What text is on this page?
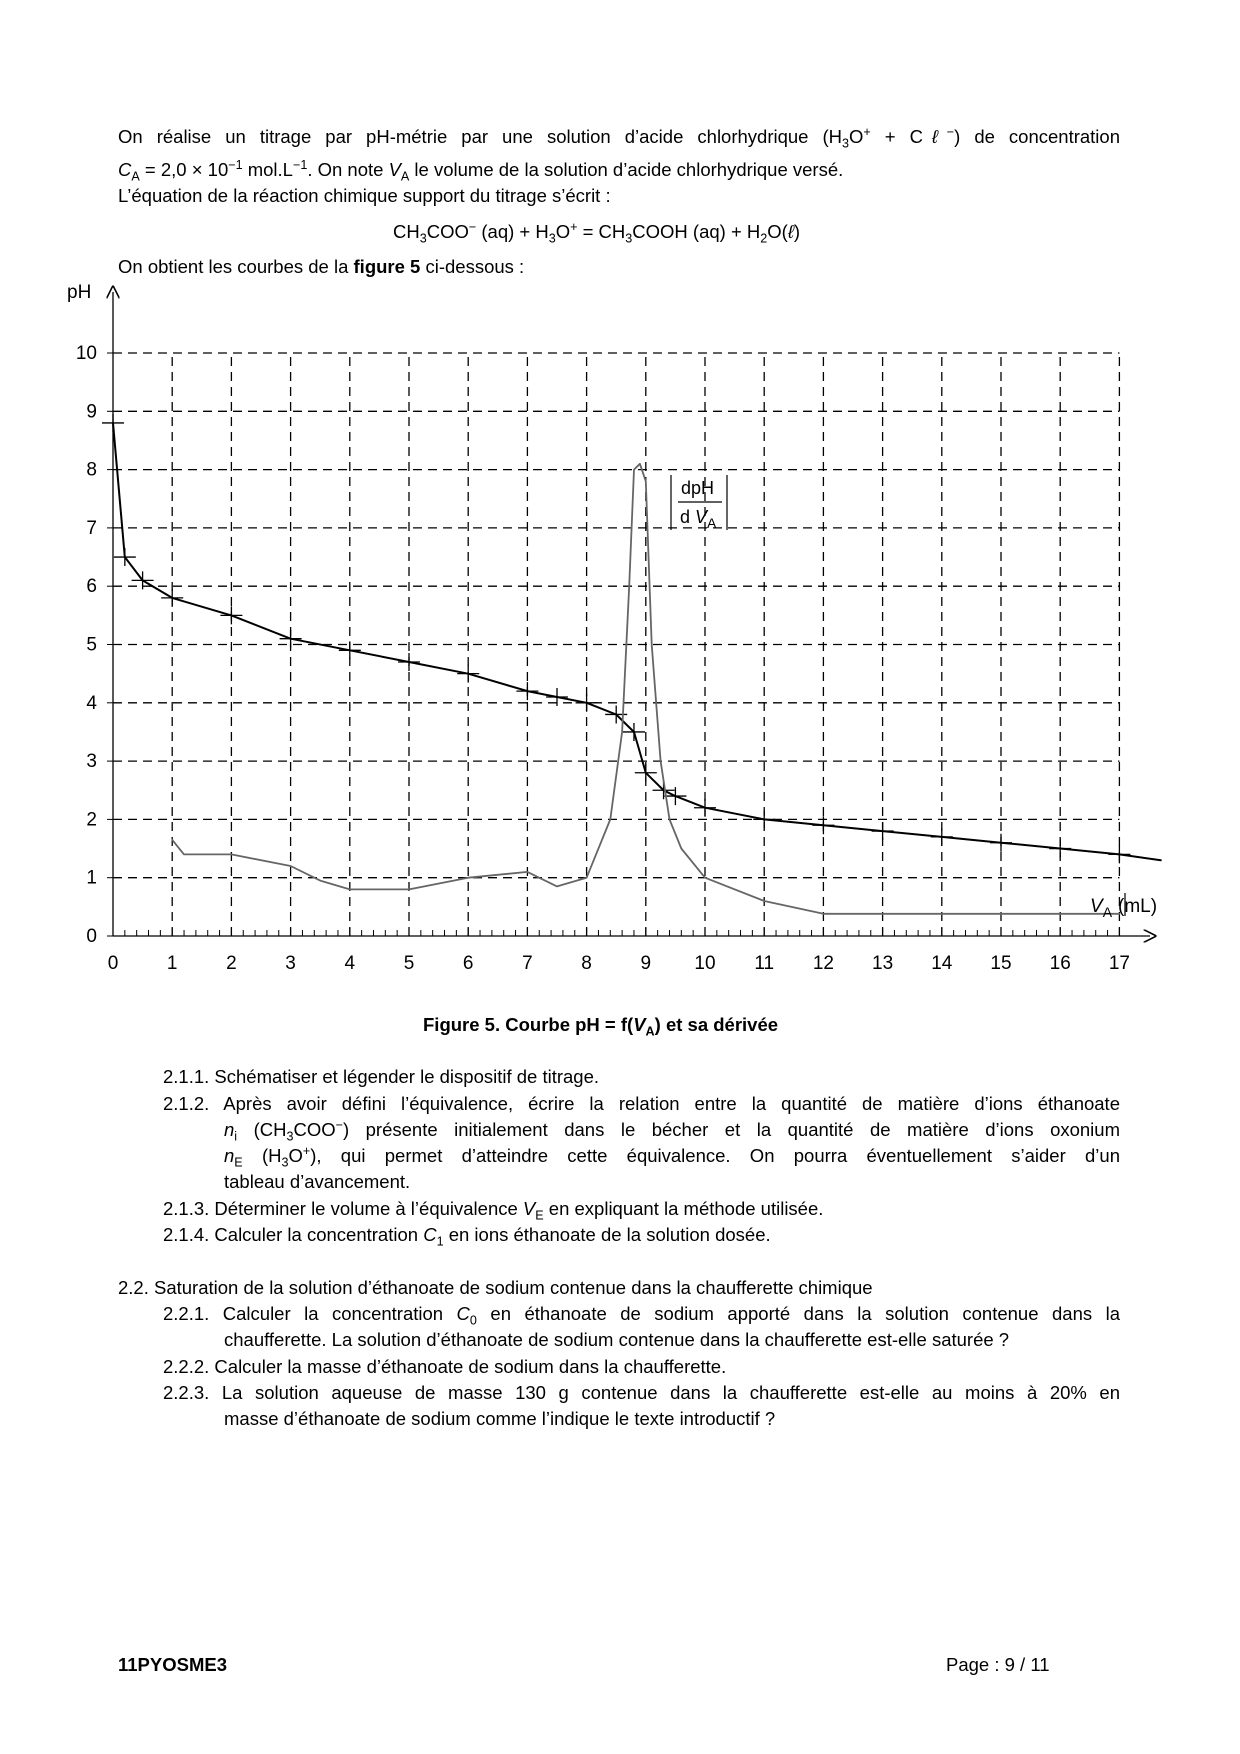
On réalise un titrage par pH-métrie par une solution d’acide chlorhydrique ($H_3O^+$ + Cℓ−) de concentration
$C_A = 2,0 \times 10^{-1}$ $mol.L^{-1}$. On note $V_A$ le volume de la solution d’acide chlorhydrique versé.
L’équation de la réaction chimique support du titrage s’écrit :
$CH_3COO^-$ $(aq) + H_3O^+$ = $CH_3COOH$ $(aq) + H_2O(\ell)$
On obtient les courbes de la figure 5 ci-dessous :
pH
$V_A$ (mL)
dpH
d $V_A$
0	1	2	3	4	5	6	7	8	9 10 11 12 13 14 15 16 17
0
1
2
3
4
5
6
7
8
9
10
Figure 5. Courbe pH = $f(V_A)$ et sa dérivée
2.1.1. Schématiser et légender le dispositif de titrage.
2.1.2. Après avoir défini l’équivalence, écrire la relation entre la quantité de matière d’ions éthanoate
$n_i$ $(CH_3COO^-)$ présente initialement dans le bécher et la quantité de matière d’ions oxonium
$n_E$ $(H_3O^+)$, qui permet d’atteindre cette équivalence. On pourra éventuellement s’aider d’un
tableau d’avancement.
2.1.3. Déterminer le volume à l’équivalence $V_E$ en expliquant la méthode utilisée.
2.1.4. Calculer la concentration $C_1$ en ions éthanoate de la solution dosée.
2.2. Saturation de la solution d’éthanoate de sodium contenue dans la chaufferette chimique
2.2.1. Calculer la concentration $C_0$ en éthanoate de sodium apporté dans la solution contenue dans la
chaufferette. La solution d’éthanoate de sodium contenue dans la chaufferette est-elle saturée ?
2.2.2. Calculer la masse d’éthanoate de sodium dans la chaufferette.
2.2.3. La solution aqueuse de masse 130 g contenue dans la chaufferette est-elle au moins à 20% en
masse d’éthanoate de sodium comme l’indique le texte introductif ?
11PYOSME3	Page : 9 / 11
